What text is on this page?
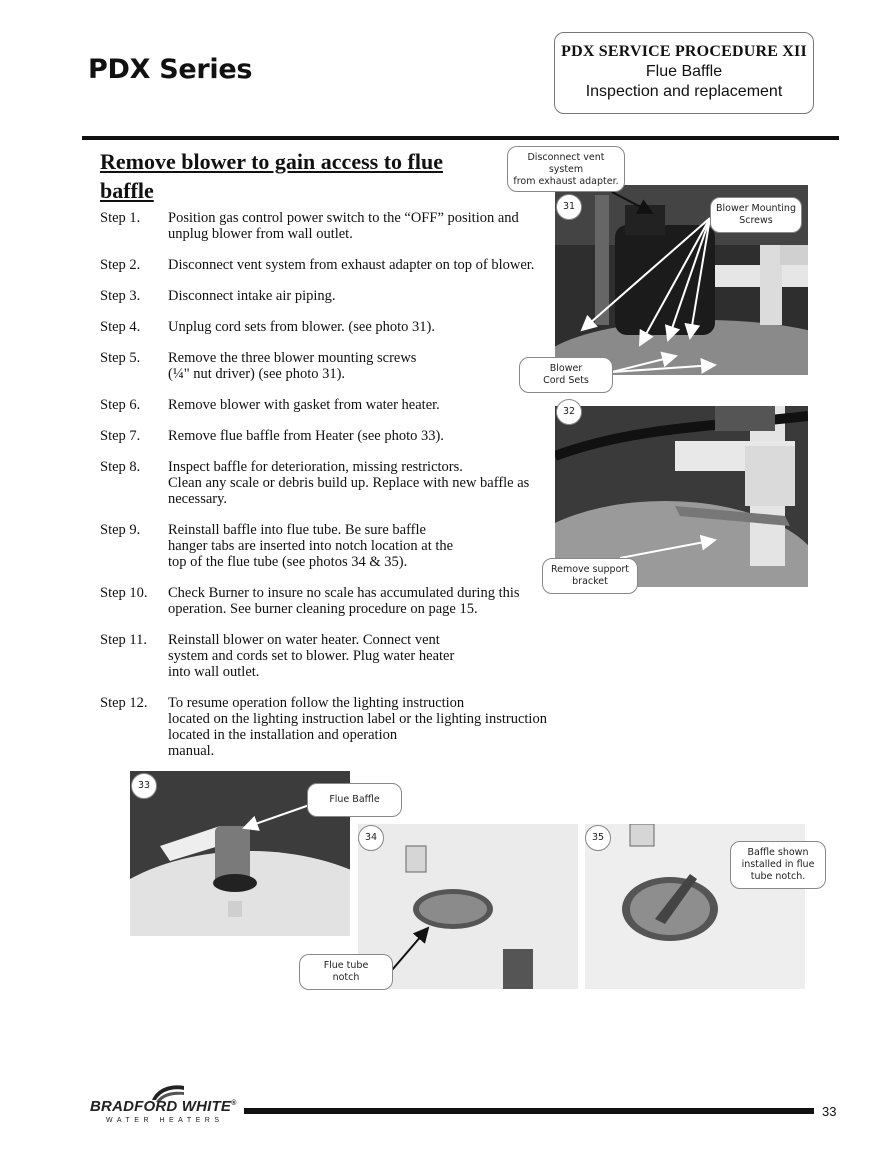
PDX Series
PDX SERVICE PROCEDURE XII
Flue Baffle
Inspection and replacement
Remove blower to gain access to flue baffle
Step 1.	Position gas control power switch to the “OFF” position and
unplug blower from wall outlet.
Step 2.	Disconnect vent system from exhaust adapter on top of blower.
Step 3.	Disconnect intake air piping.
Step 4.	Unplug cord sets from blower. (see photo 31).
Step 5.	Remove the three blower mounting screws
(¼" nut driver) (see photo 31).
Step 6.	Remove blower with gasket from water heater.
Step 7.	Remove flue baffle from Heater (see photo 33).
Step 8.	Inspect baffle for deterioration, missing restrictors.
Clean any scale or debris build up. Replace with new baffle as
necessary.
Step 9.	Reinstall baffle into flue tube. Be sure baffle
hanger tabs are inserted into notch location at the
top of the flue tube (see photos 34 & 35).
Step 10.	Check Burner to insure no scale has accumulated during this
operation. See burner cleaning procedure on page 15.
Step 11.	Reinstall blower on water heater. Connect vent
system and cords set to blower. Plug water heater
into wall outlet.
Step 12.	To resume operation follow the lighting instruction
located on the lighting instruction label or the lighting instruction
located in the installation and operation
manual.
31
32
33
34	35
Disconnect vent system
from exhaust adapter.
Blower Mounting
Screws
Blower
Cord Sets
Remove support
bracket
Flue Baffle
Baffle shown
installed in flue
tube notch.
Flue tube
notch
BRADFORD WHITE®
WATER HEATERS
33
